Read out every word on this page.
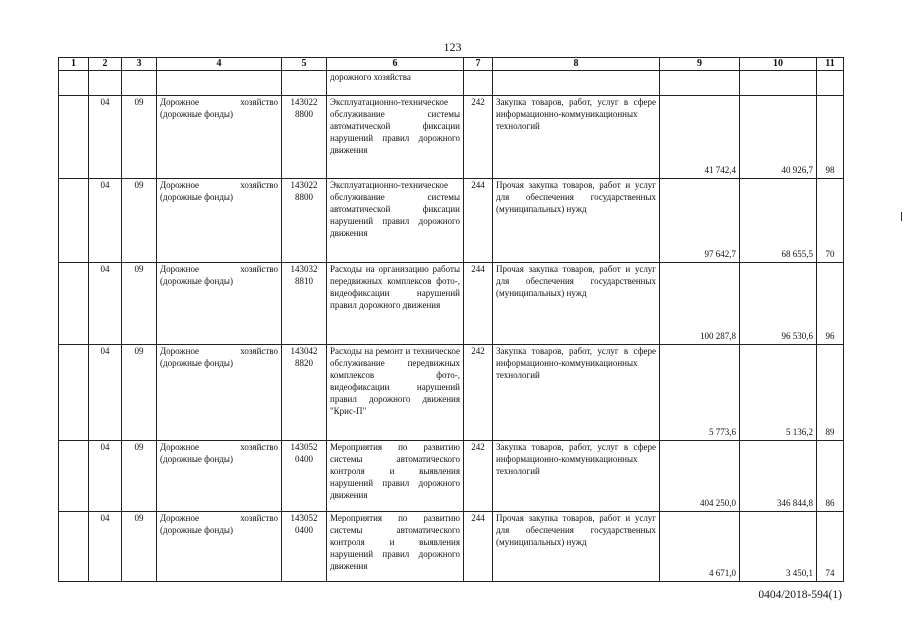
123
1	2	3	4	5	6	7	8	9	10	11
					дорожного хозяйства					
	04	09	Дорожное хозяйство (дорожные фонды)	143022 8800	Эксплуатационно-техническое обслуживание системы автоматической фиксации нарушений правил дорожного движения	242	Закупка товаров, работ, услуг в сфере информационно-коммуникационных технологий	41 742,4	40 926,7	98
	04	09	Дорожное хозяйство (дорожные фонды)	143022 8800	Эксплуатационно-техническое обслуживание системы автоматической фиксации нарушений правил дорожного движения	244	Прочая закупка товаров, работ и услуг для обеспечения государственных (муниципальных) нужд	97 642,7	68 655,5	70
	04	09	Дорожное хозяйство (дорожные фонды)	143032 8810	Расходы на организацию работы передвижных комплексов фото-, видеофиксации нарушений правил дорожного движения	244	Прочая закупка товаров, работ и услуг для обеспечения государственных (муниципальных) нужд	100 287,8	96 530,6	96
	04	09	Дорожное хозяйство (дорожные фонды)	143042 8820	Расходы на ремонт и техническое обслуживание передвижных комплексов фото-, видеофиксации нарушений правил дорожного движения "Крис-П"	242	Закупка товаров, работ, услуг в сфере информационно-коммуникационных технологий	5 773,6	5 136,2	89
	04	09	Дорожное хозяйство (дорожные фонды)	143052 0400	Мероприятия по развитию системы автоматического контроля и выявления нарушений правил дорожного движения	242	Закупка товаров, работ, услуг в сфере информационно-коммуникационных технологий	404 250,0	346 844,8	86
	04	09	Дорожное хозяйство (дорожные фонды)	143052 0400	Мероприятия по развитию системы автоматического контроля и выявления нарушений правил дорожного движения	244	Прочая закупка товаров, работ и услуг для обеспечения государственных (муниципальных) нужд	4 671,0	3 450,1	74
0404/2018-594(1)
